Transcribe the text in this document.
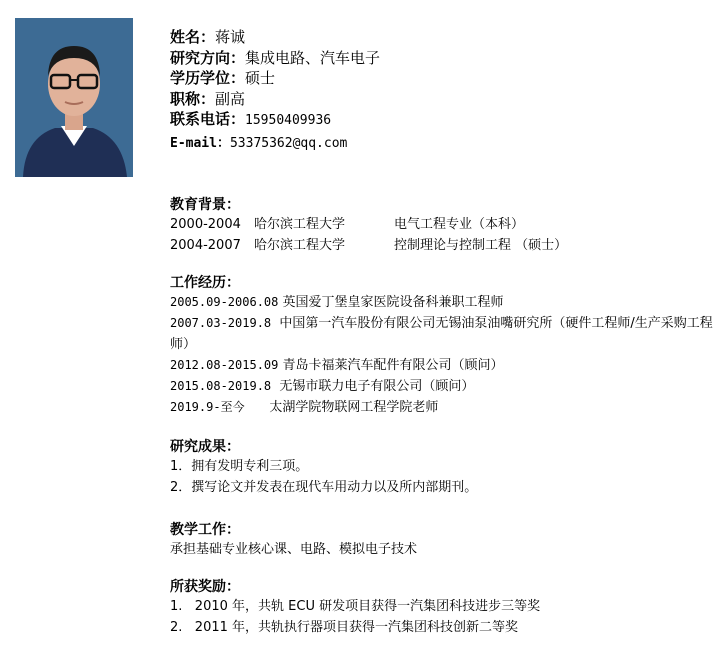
姓名：蒋诚
研究方向：集成电路、汽车电子
学历学位：硕士
职称：副高
联系电话：15950409936
E-mail：53375362@qq.com
教育背景：
2000-2004 哈尔滨工程大学	电气工程专业（本科）
2004-2007 哈尔滨工程大学	控制理论与控制工程 （硕士）
工作经历：
2005.09-2006.08 英国爱丁堡皇家医院设备科兼职工程师
2007.03-2019.8  中国第一汽车股份有限公司无锡油泵油嘴研究所（硬件工程师/生产采购工程师）
2012.08-2015.09 青岛卡福莱汽车配件有限公司（顾问）
2015.08-2019.8  无锡市联力电子有限公司（顾问）
2019.9-至今      太湖学院物联网工程学院老师
研究成果：
1．拥有发明专利三项。
2．撰写论文并发表在现代车用动力以及所内部期刊。
教学工作：
承担基础专业核心课、电路、模拟电子技术
所获奖励：
1.   2010 年，共轨 ECU 研发项目获得一汽集团科技进步三等奖
2.   2011 年，共轨执行器项目获得一汽集团科技创新二等奖
